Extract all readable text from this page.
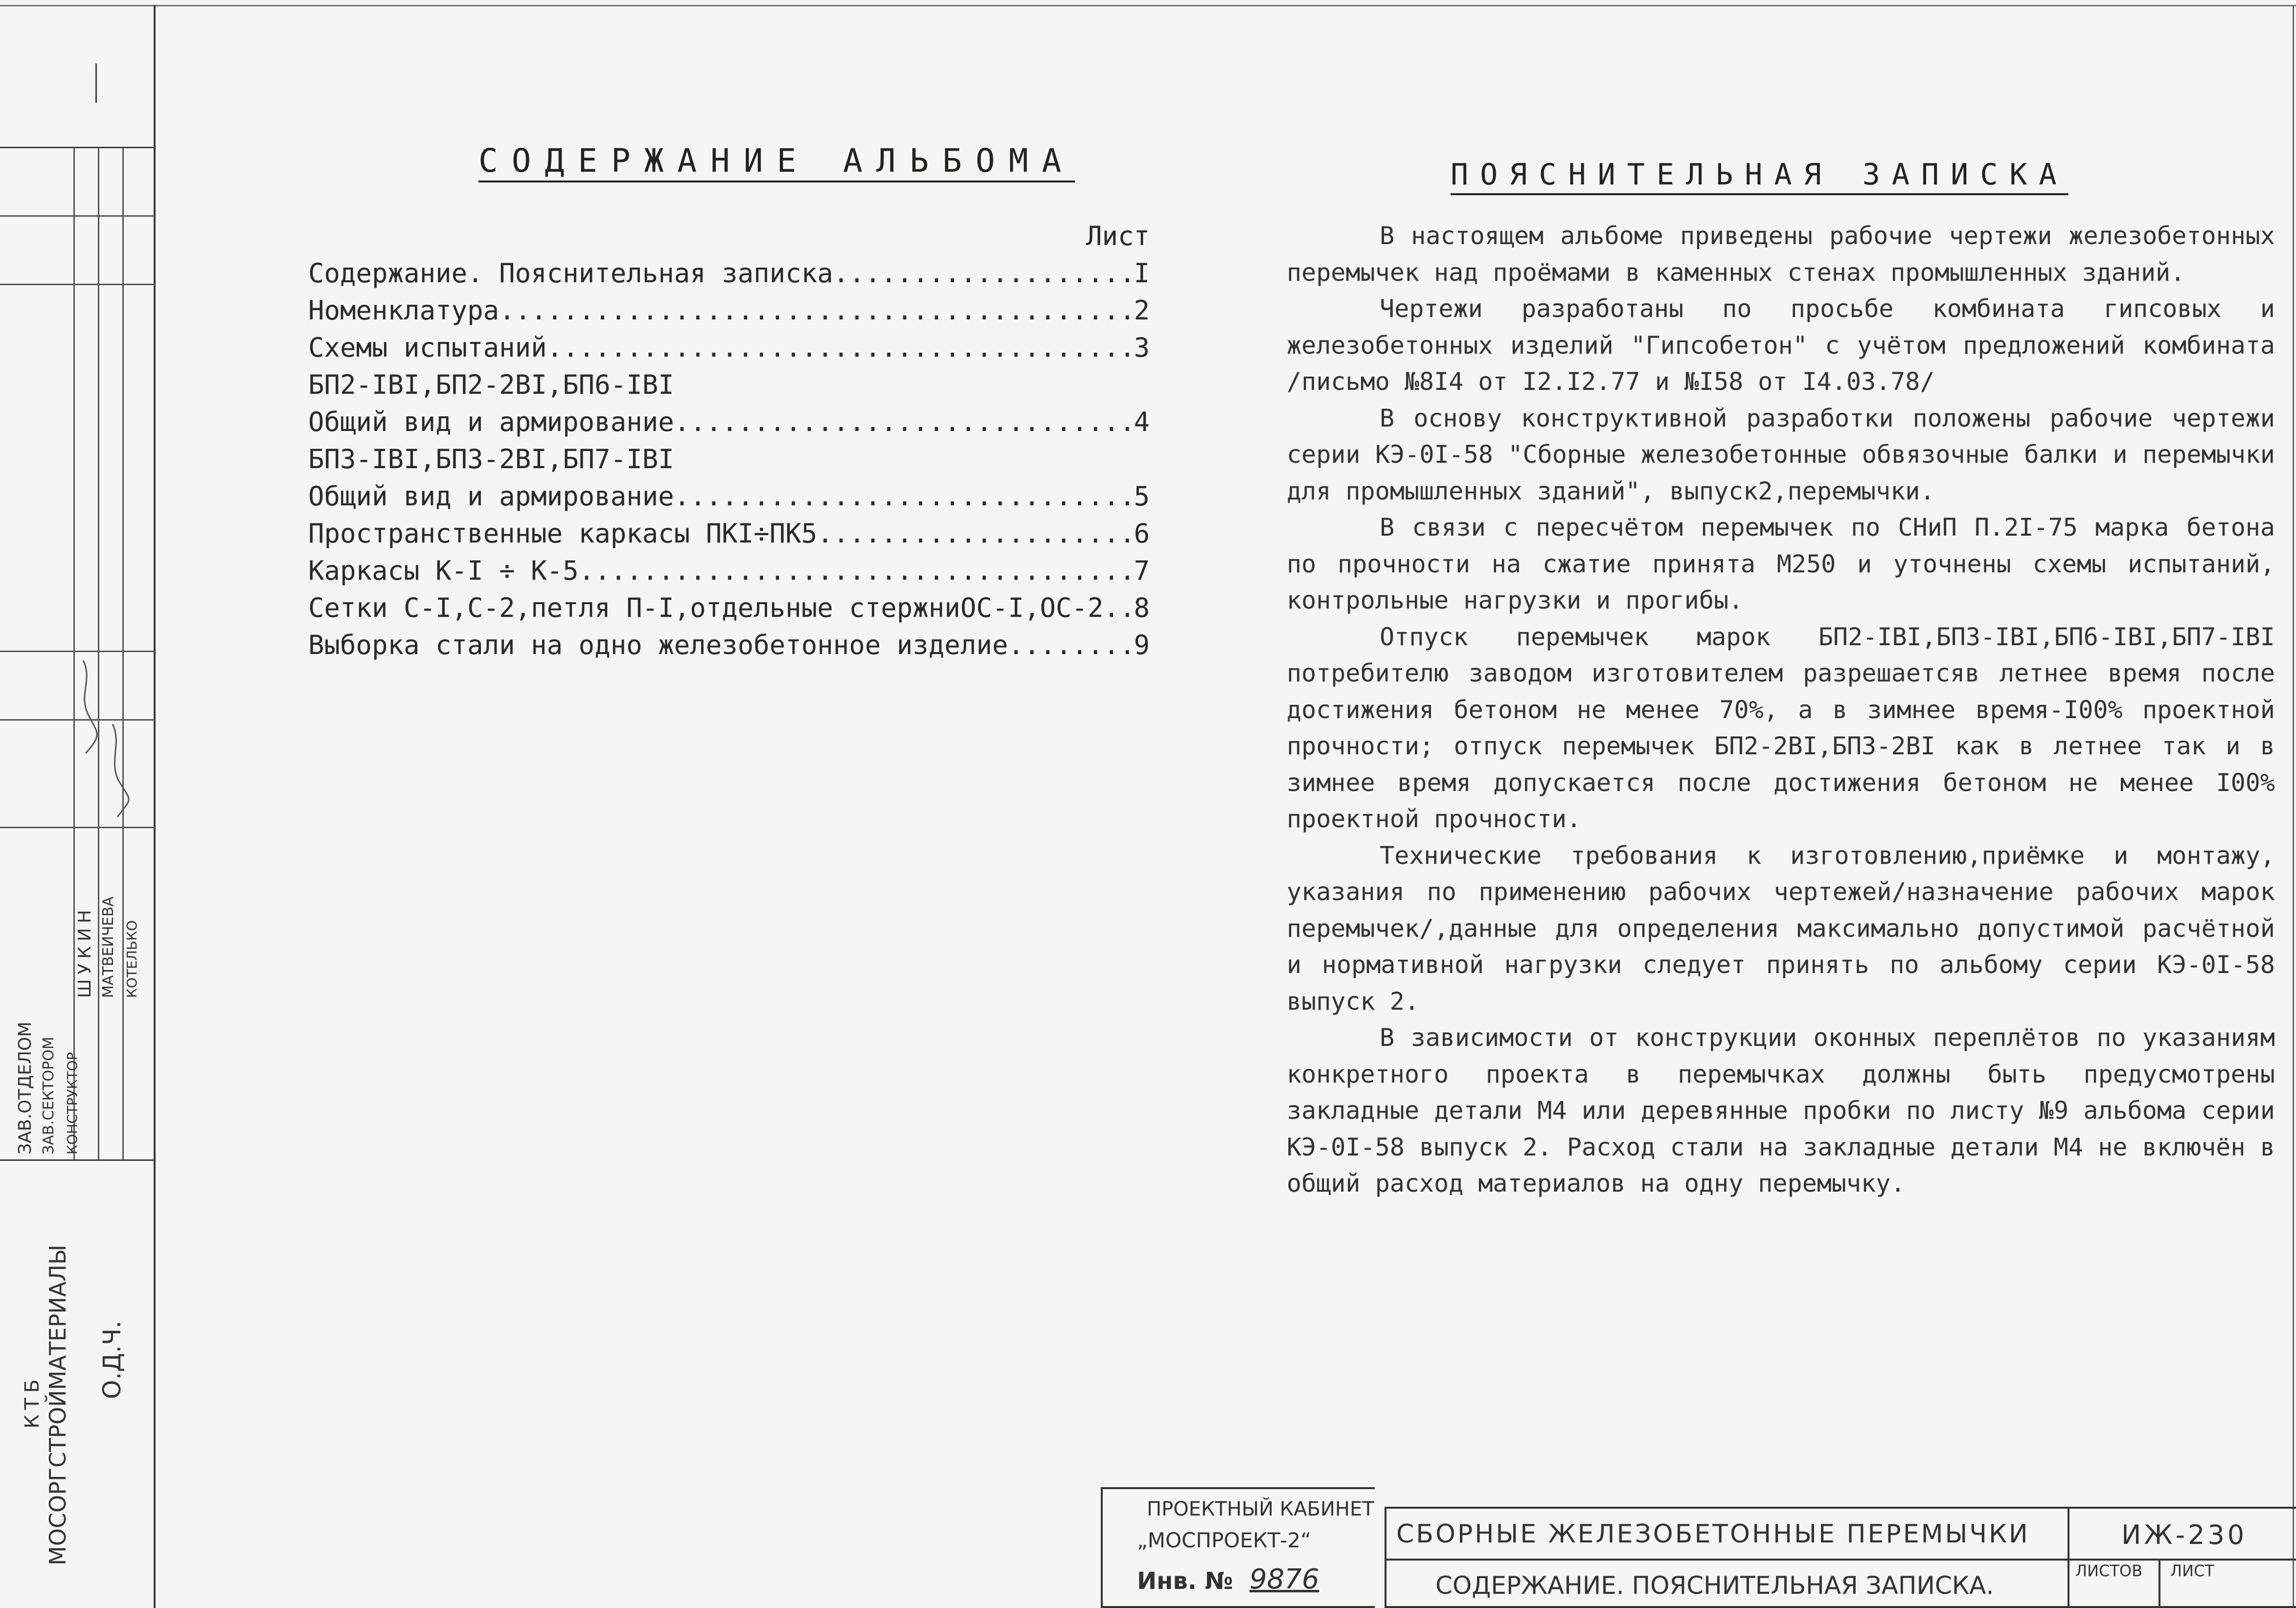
ЗАВ.ОТДЕЛОМ ЗАВ.СЕКТОРОМ КОНСТРУКТОР
ШУКИН МАТВЕИЧЕВА КОТЕЛЬКО
КТБ МОСОРГСТРОЙМАТЕРИАЛЫ О.Д.Ч.
СОДЕРЖАНИЕ АЛЬБОМА
Лист
Содержание. Пояснительная записка .....	I
Номенклатура .....	2
Схемы испытаний .....	3
БП2-IBI,БП2-2BI,БП6-IBI
Общий вид и армирование .....	4
БП3-IBI,БП3-2BI,БП7-IBI
Общий вид и армирование .....	5
Пространственные каркасы ПКI÷ПК5 .....	6
Каркасы К-I ÷ К-5 .....	7
Сетки С-I,С-2,петля П-I,отдельные стержниОС-I,ОС-2 ..... 8
Выборка стали на одно железобетонное изделие .....	9
ПОЯСНИТЕЛЬНАЯ ЗАПИСКА

В настоящем альбоме приведены рабочие чертежи железобетонных перемычек над проёмами в каменных стенах промышленных зданий.

Чертежи разработаны по просьбе комбината гипсовых и железобетонных изделий "Гипсобетон" с учётом предложений комбината /письмо №8I4 от I2.I2.77 и №I58 от I4.03.78/

В основу конструктивной разработки положены рабочие чертежи серии КЭ-0I-58 "Сборные железобетонные обвязочные балки и перемычки для промышленных зданий", выпуск2,перемычки.

В связи с пересчётом перемычек по СНиП П.2I-75 марка бетона по прочности на сжатие принята М250 и уточнены схемы испытаний, контрольные нагрузки и прогибы.

Отпуск перемычек марок БП2-IBI,БП3-IBI,БП6-IBI,БП7-IBI потребителю заводом изготовителем разрешаетсяв летнее время после достижения бетоном не менее 70%, а в зимнее время-I00% проектной прочности; отпуск перемычек БП2-2BI,БП3-2BI как в летнее так и в зимнее время допускается после достижения бетоном не менее I00% проектной прочности.

Технические требования к изготовлению,приёмке и монтажу, указания по применению рабочих чертежей/назначение рабочих марок перемычек/,данные для определения максимально допустимой расчётной и нормативной нагрузки следует принять по альбому серии КЭ-0I-58 выпуск 2.

В зависимости от конструкции оконных переплётов по указаниям конкретного проекта в перемычках должны быть предусмотрены закладные детали М4 или деревянные пробки по листу №9 альбома серии КЭ-0I-58 выпуск 2. Расход стали на закладные детали М4 не включён в общий расход материалов на одну перемычку.

ПРОЕКТНЫЙ КАБИНЕТ
„МОСПРОЕКТ-2“
Инв. № 9876
СБОРНЫЕ ЖЕЛЕЗОБЕТОННЫЕ ПЕРЕМЫЧКИ
СОДЕРЖАНИЕ. ПОЯСНИТЕЛЬНАЯ ЗАПИСКА.
ИЖ-230
ЛИСТОВ ЛИСТ
